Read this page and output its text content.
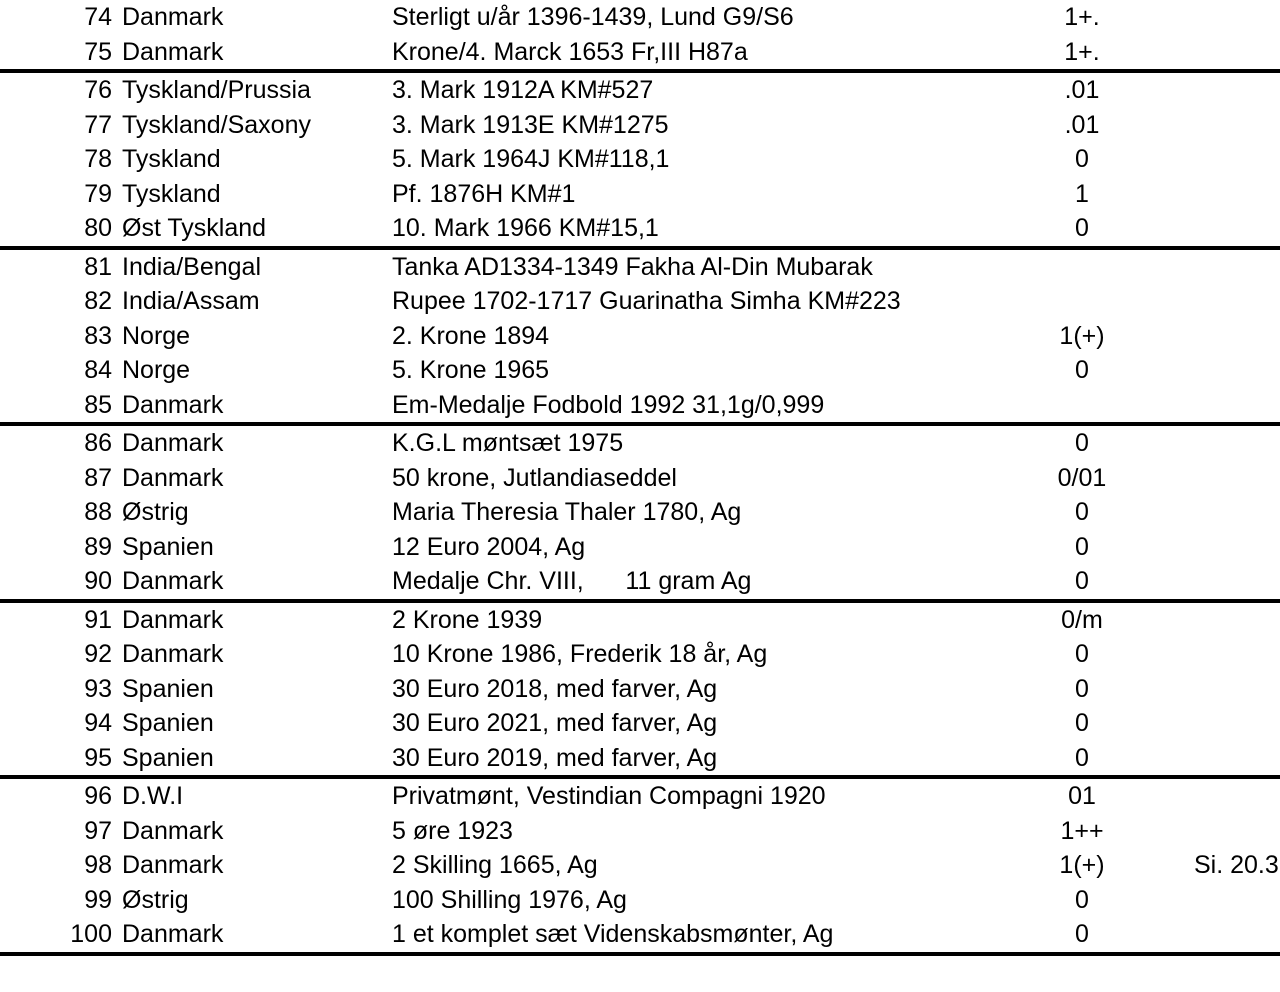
74 Danmark	Sterligt u/år 1396-1439, Lund G9/S6	1+.
75 Danmark	Krone/4. Marck 1653 Fr,III H87a	1+.
76 Tyskland/Prussia	3. Mark 1912A KM#527	.01
77 Tyskland/Saxony	3. Mark 1913E KM#1275	.01
78 Tyskland	5. Mark 1964J KM#118,1	0
79 Tyskland	Pf. 1876H KM#1	1
80 Øst Tyskland	10. Mark 1966 KM#15,1	0
81 India/Bengal	Tanka AD1334-1349 Fakha Al-Din Mubarak
82 India/Assam	Rupee 1702-1717 Guarinatha Simha KM#223
83 Norge	2. Krone 1894	1(+)
84 Norge	5. Krone 1965	0
85 Danmark	Em-Medalje Fodbold 1992 31,1g/0,999
86 Danmark	K.G.L møntsæt 1975	0
87 Danmark	50 krone, Jutlandiaseddel	0/01
88 Østrig	Maria Theresia Thaler 1780, Ag	0
89 Spanien	12 Euro 2004, Ag	0
90 Danmark	Medalje Chr. VIII,      11 gram Ag	0
91 Danmark	2 Krone 1939	0/m
92 Danmark	10 Krone 1986, Frederik 18 år, Ag	0
93 Spanien	30 Euro 2018, med farver, Ag	0
94 Spanien	30 Euro 2021, med farver, Ag	0
95 Spanien	30 Euro 2019, med farver, Ag	0
96 D.W.I	Privatmønt, Vestindian Compagni 1920	01
97 Danmark	5 øre 1923	1++
98 Danmark	2 Skilling 1665, Ag	1(+)	Si. 20.3
99 Østrig	100 Shilling 1976, Ag	0
100 Danmark	1 et komplet sæt Videnskabsmønter, Ag	0
